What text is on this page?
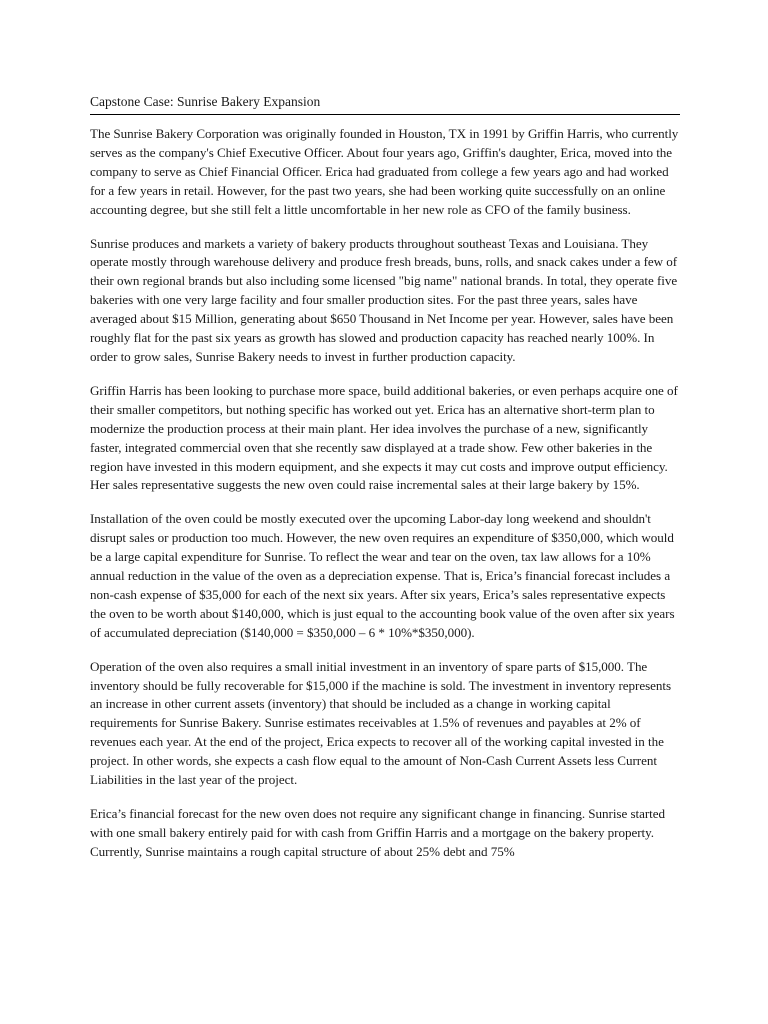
Capstone Case: Sunrise Bakery Expansion

The Sunrise Bakery Corporation was originally founded in Houston, TX in 1991 by Griffin Harris, who currently serves as the company's Chief Executive Officer. About four years ago, Griffin's daughter, Erica, moved into the company to serve as Chief Financial Officer. Erica had graduated from college a few years ago and had worked for a few years in retail. However, for the past two years, she had been working quite successfully on an online accounting degree, but she still felt a little uncomfortable in her new role as CFO of the family business.

Sunrise produces and markets a variety of bakery products throughout southeast Texas and Louisiana. They operate mostly through warehouse delivery and produce fresh breads, buns, rolls, and snack cakes under a few of their own regional brands but also including some licensed "big name" national brands. In total, they operate five bakeries with one very large facility and four smaller production sites. For the past three years, sales have averaged about $15 Million, generating about $650 Thousand in Net Income per year. However, sales have been roughly flat for the past six years as growth has slowed and production capacity has reached nearly 100%. In order to grow sales, Sunrise Bakery needs to invest in further production capacity.

Griffin Harris has been looking to purchase more space, build additional bakeries, or even perhaps acquire one of their smaller competitors, but nothing specific has worked out yet. Erica has an alternative short-term plan to modernize the production process at their main plant. Her idea involves the purchase of a new, significantly faster, integrated commercial oven that she recently saw displayed at a trade show. Few other bakeries in the region have invested in this modern equipment, and she expects it may cut costs and improve output efficiency. Her sales representative suggests the new oven could raise incremental sales at their large bakery by 15%.

Installation of the oven could be mostly executed over the upcoming Labor-day long weekend and shouldn't disrupt sales or production too much. However, the new oven requires an expenditure of $350,000, which would be a large capital expenditure for Sunrise. To reflect the wear and tear on the oven, tax law allows for a 10% annual reduction in the value of the oven as a depreciation expense. That is, Erica’s financial forecast includes a non-cash expense of $35,000 for each of the next six years. After six years, Erica’s sales representative expects the oven to be worth about $140,000, which is just equal to the accounting book value of the oven after six years of accumulated depreciation ($140,000 = $350,000 – 6 * 10%*$350,000).

Operation of the oven also requires a small initial investment in an inventory of spare parts of $15,000. The inventory should be fully recoverable for $15,000 if the machine is sold. The investment in inventory represents an increase in other current assets (inventory) that should be included as a change in working capital requirements for Sunrise Bakery. Sunrise estimates receivables at 1.5% of revenues and payables at 2% of revenues each year. At the end of the project, Erica expects to recover all of the working capital invested in the project. In other words, she expects a cash flow equal to the amount of Non-Cash Current Assets less Current Liabilities in the last year of the project.

Erica’s financial forecast for the new oven does not require any significant change in financing. Sunrise started with one small bakery entirely paid for with cash from Griffin Harris and a mortgage on the bakery property. Currently, Sunrise maintains a rough capital structure of about 25% debt and 75%
